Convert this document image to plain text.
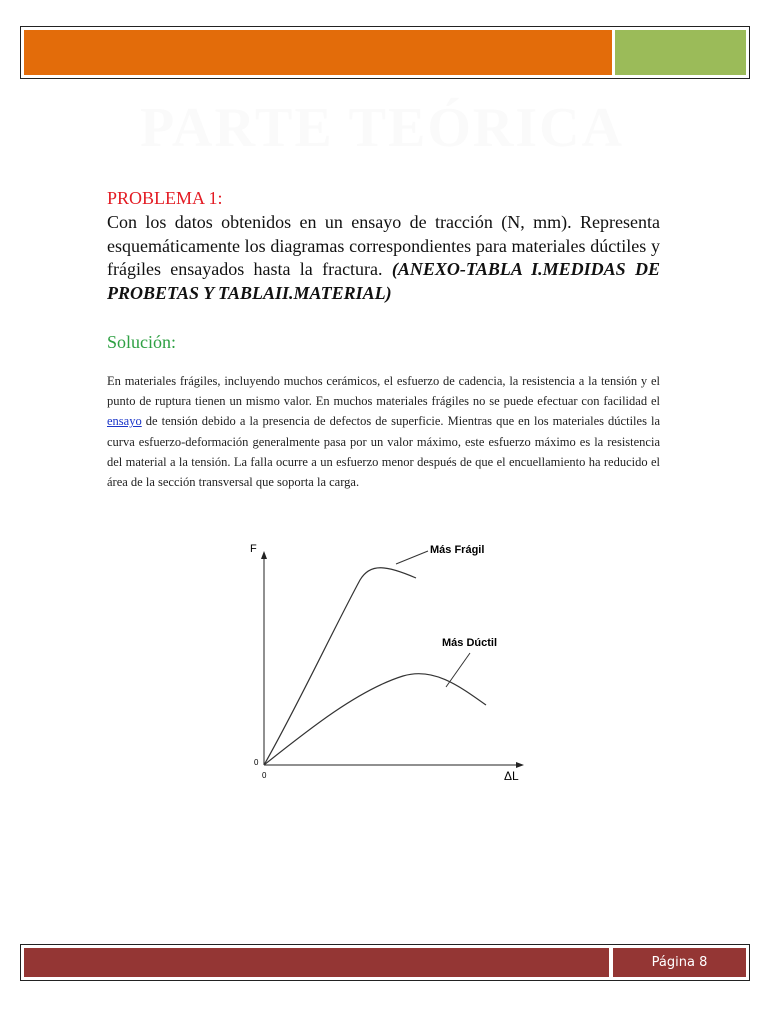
PARTE TEÓRICA
PROBLEMA 1:
Con los datos obtenidos en un ensayo de tracción (N, mm). Representa esquemáticamente los diagramas correspondientes para materiales dúctiles y frágiles ensayados hasta la fractura. (ANEXO-TABLA I.MEDIDAS DE PROBETAS Y TABLAII.MATERIAL)
Solución:
En materiales frágiles, incluyendo muchos cerámicos, el esfuerzo de cadencia, la resistencia a la tensión y el punto de ruptura tienen un mismo valor. En muchos materiales frágiles no se puede efectuar con facilidad el ensayo de tensión debido a la presencia de defectos de superficie. Mientras que en los materiales dúctiles la curva esfuerzo-deformación generalmente pasa por un valor máximo, este esfuerzo máximo es la resistencia del material a la tensión. La falla ocurre a un esfuerzo menor después de que el encuellamiento ha reducido el área de la sección transversal que soporta la carga.
F
0
0	ΔL
Más Frágil
Más Dúctil
Página 8
